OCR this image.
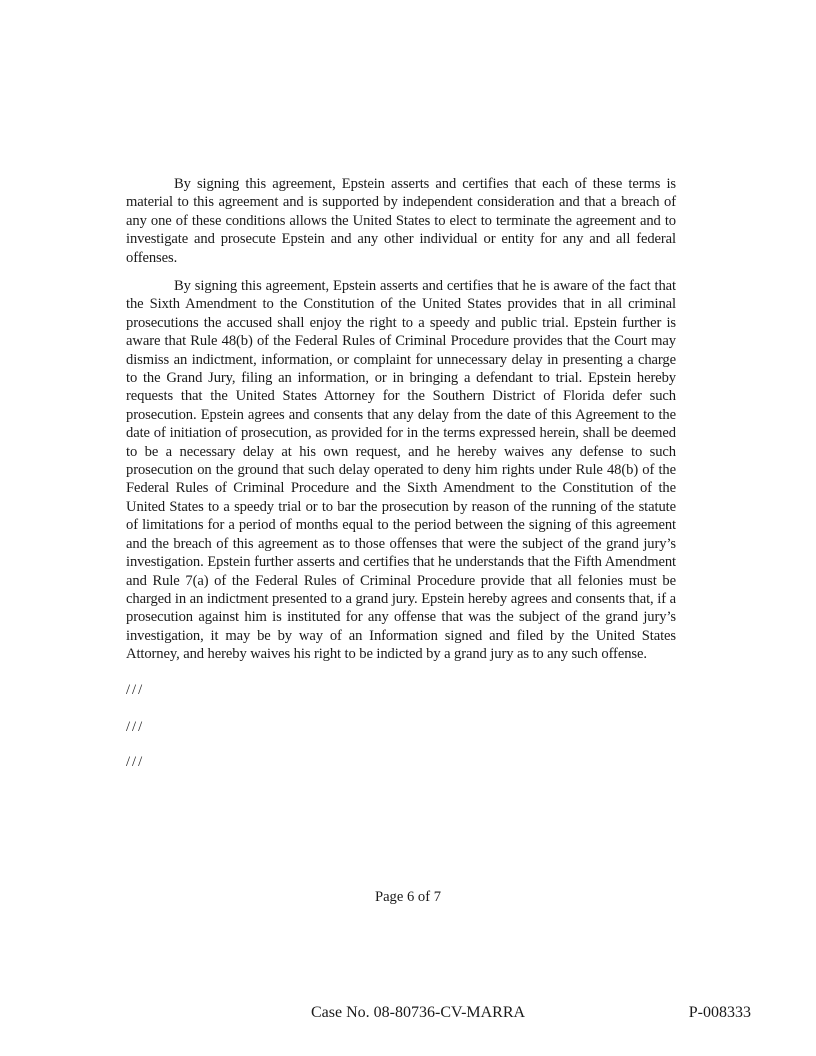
By signing this agreement, Epstein asserts and certifies that each of these terms is material to this agreement and is supported by independent consideration and that a breach of any one of these conditions allows the United States to elect to terminate the agreement and to investigate and prosecute Epstein and any other individual or entity for any and all federal offenses.

By signing this agreement, Epstein asserts and certifies that he is aware of the fact that the Sixth Amendment to the Constitution of the United States provides that in all criminal prosecutions the accused shall enjoy the right to a speedy and public trial. Epstein further is aware that Rule 48(b) of the Federal Rules of Criminal Procedure provides that the Court may dismiss an indictment, information, or complaint for unnecessary delay in presenting a charge to the Grand Jury, filing an information, or in bringing a defendant to trial. Epstein hereby requests that the United States Attorney for the Southern District of Florida defer such prosecution. Epstein agrees and consents that any delay from the date of this Agreement to the date of initiation of prosecution, as provided for in the terms expressed herein, shall be deemed to be a necessary delay at his own request, and he hereby waives any defense to such prosecution on the ground that such delay operated to deny him rights under Rule 48(b) of the Federal Rules of Criminal Procedure and the Sixth Amendment to the Constitution of the United States to a speedy trial or to bar the prosecution by reason of the running of the statute of limitations for a period of months equal to the period between the signing of this agreement and the breach of this agreement as to those offenses that were the subject of the grand jury’s investigation. Epstein further asserts and certifies that he understands that the Fifth Amendment and Rule 7(a) of the Federal Rules of Criminal Procedure provide that all felonies must be charged in an indictment presented to a grand jury. Epstein hereby agrees and consents that, if a prosecution against him is instituted for any offense that was the subject of the grand jury’s investigation, it may be by way of an Information signed and filed by the United States Attorney, and hereby waives his right to be indicted by a grand jury as to any such offense.

///

///

///

Page 6 of 7

Case No. 08-80736-CV-MARRA	P-008333
